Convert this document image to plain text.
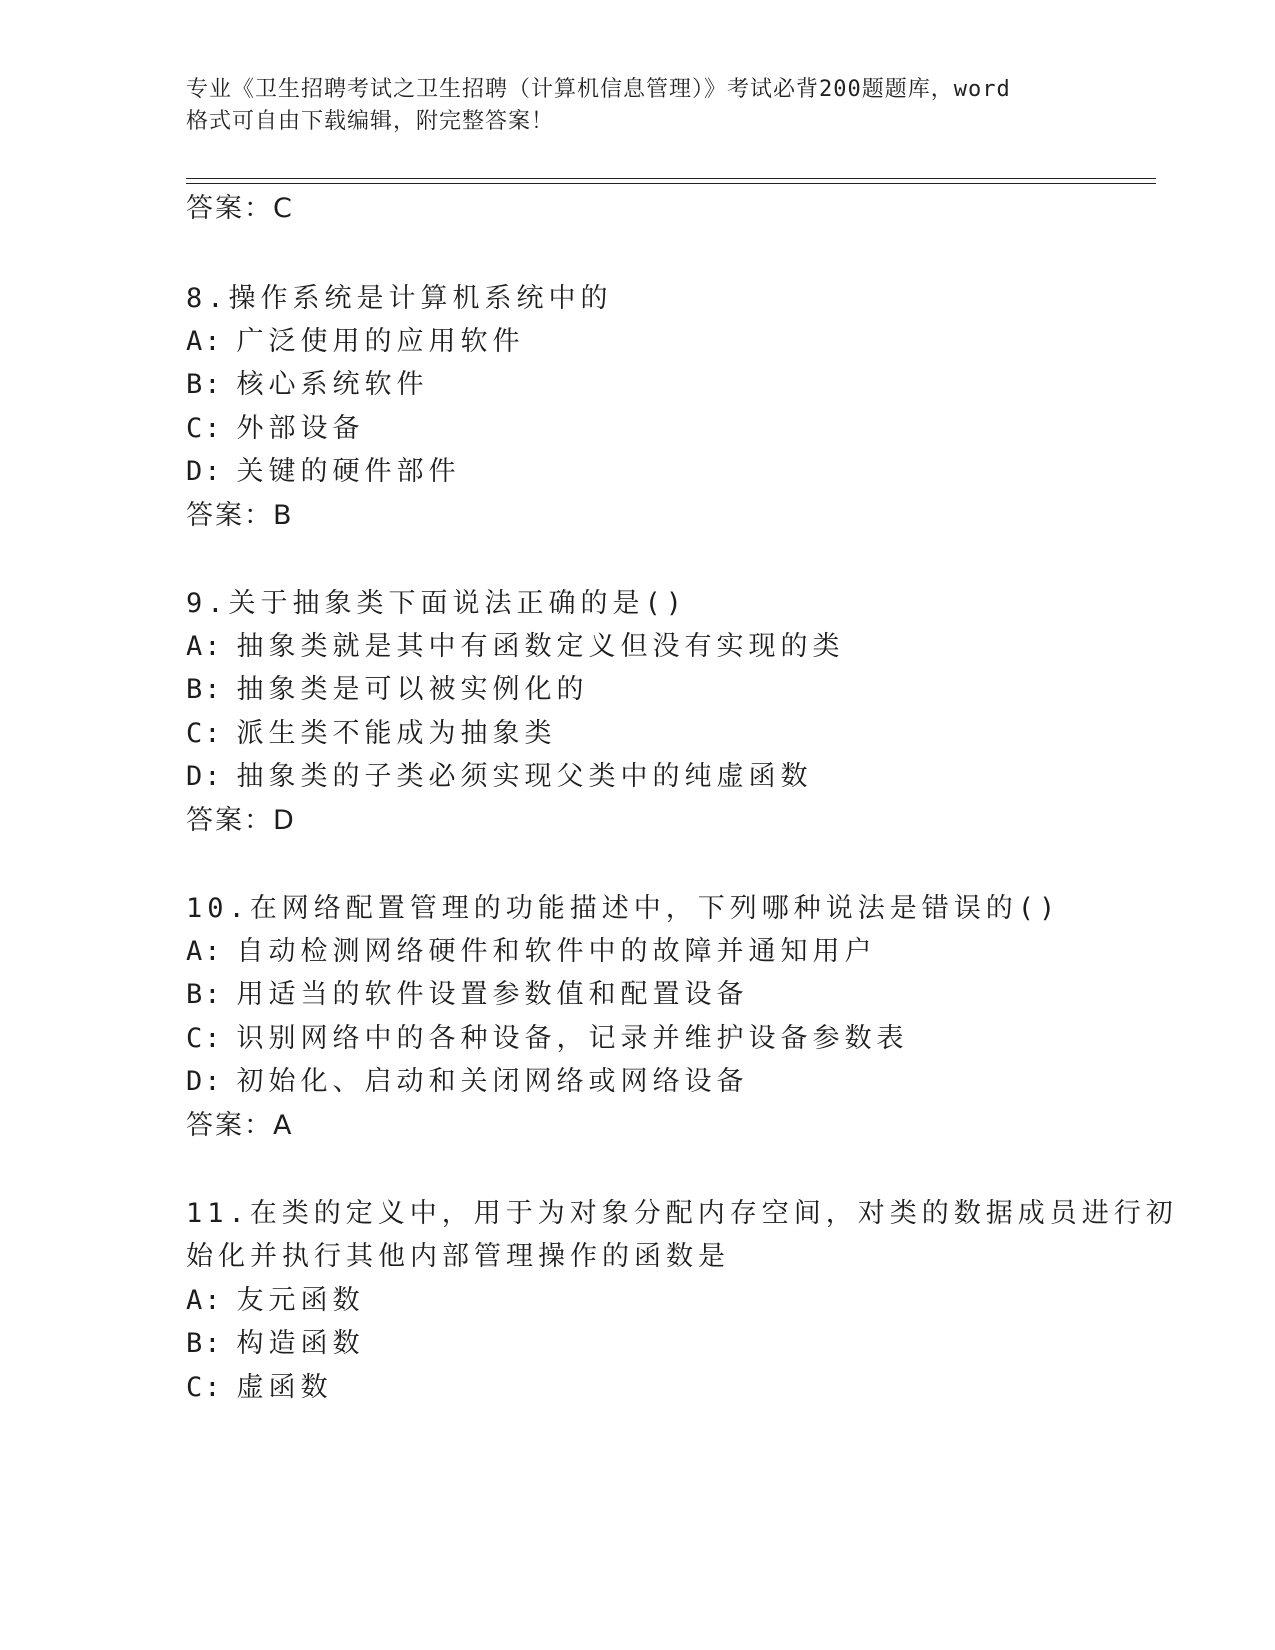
专业《卫生招聘考试之卫生招聘（计算机信息管理）》考试必背200题题库，word
格式可自由下载编辑，附完整答案！
答案：C
8.操作系统是计算机系统中的
A: 广泛使用的应用软件
B: 核心系统软件
C: 外部设备
D: 关键的硬件部件
答案：B
9.关于抽象类下面说法正确的是()
A: 抽象类就是其中有函数定义但没有实现的类
B: 抽象类是可以被实例化的
C: 派生类不能成为抽象类
D: 抽象类的子类必须实现父类中的纯虚函数
答案：D
10.在网络配置管理的功能描述中，下列哪种说法是错误的()
A: 自动检测网络硬件和软件中的故障并通知用户
B: 用适当的软件设置参数值和配置设备
C: 识别网络中的各种设备，记录并维护设备参数表
D: 初始化、启动和关闭网络或网络设备
答案：A
11.在类的定义中，用于为对象分配内存空间，对类的数据成员进行初
始化并执行其他内部管理操作的函数是
A: 友元函数
B: 构造函数
C: 虚函数
